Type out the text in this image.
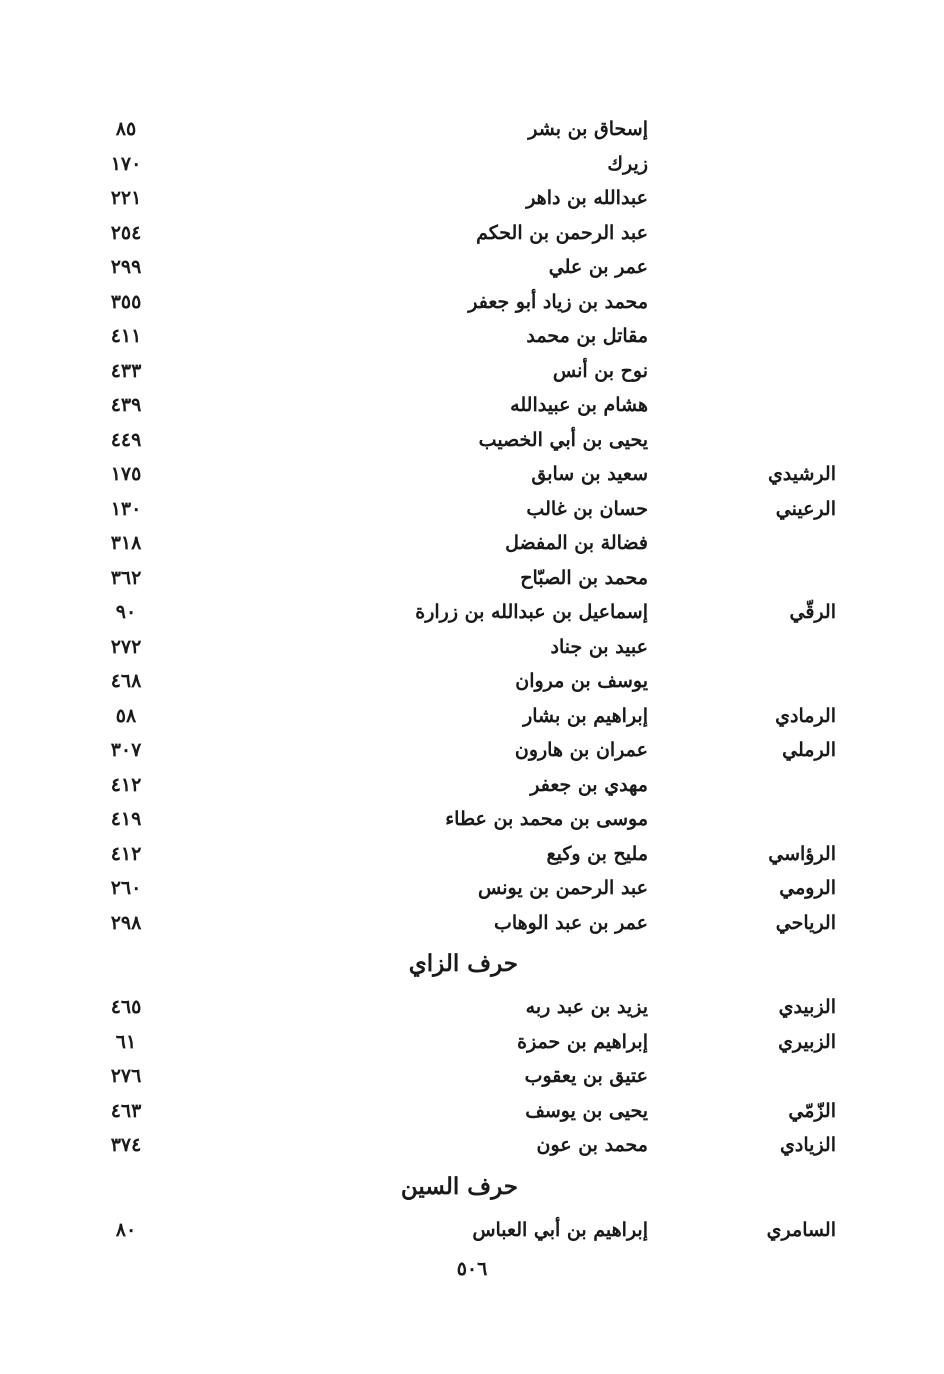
إسحاق بن بشر
٨٥
زيرك
١٧٠
عبدالله بن داهر
٢٢١
عبد الرحمن بن الحكم
٢٥٤
عمر بن علي
٢٩٩
محمد بن زياد أبو جعفر
٣٥٥
مقاتل بن محمد
٤١١
نوح بن أنس
٤٣٣
هشام بن عبيدالله
٤٣٩
يحيى بن أبي الخصيب
٤٤٩
الرشيدي
سعيد بن سابق
١٧٥
الرعيني
حسان بن غالب
١٣٠
فضالة بن المفضل
٣١٨
محمد بن الصبّاح
٣٦٢
الرقّي
إسماعيل بن عبدالله بن زرارة
٩٠
عبيد بن جناد
٢٧٢
يوسف بن مروان
٤٦٨
الرمادي
إبراهيم بن بشار
٥٨
الرملي
عمران بن هارون
٣٠٧
مهدي بن جعفر
٤١٢
موسى بن محمد بن عطاء
٤١٩
الرؤاسي
مليح بن وكيع
٤١٢
الرومي
عبد الرحمن بن يونس
٢٦٠
الرياحي
عمر بن عبد الوهاب
٢٩٨
حرف الزاي
الزبيدي
يزيد بن عبد ربه
٤٦٥
الزبيري
إبراهيم بن حمزة
٦١
عتيق بن يعقوب
٢٧٦
الزّمّي
يحيى بن يوسف
٤٦٣
الزيادي
محمد بن عون
٣٧٤
حرف السين
السامري
إبراهيم بن أبي العباس
٨٠
٥٠٦
